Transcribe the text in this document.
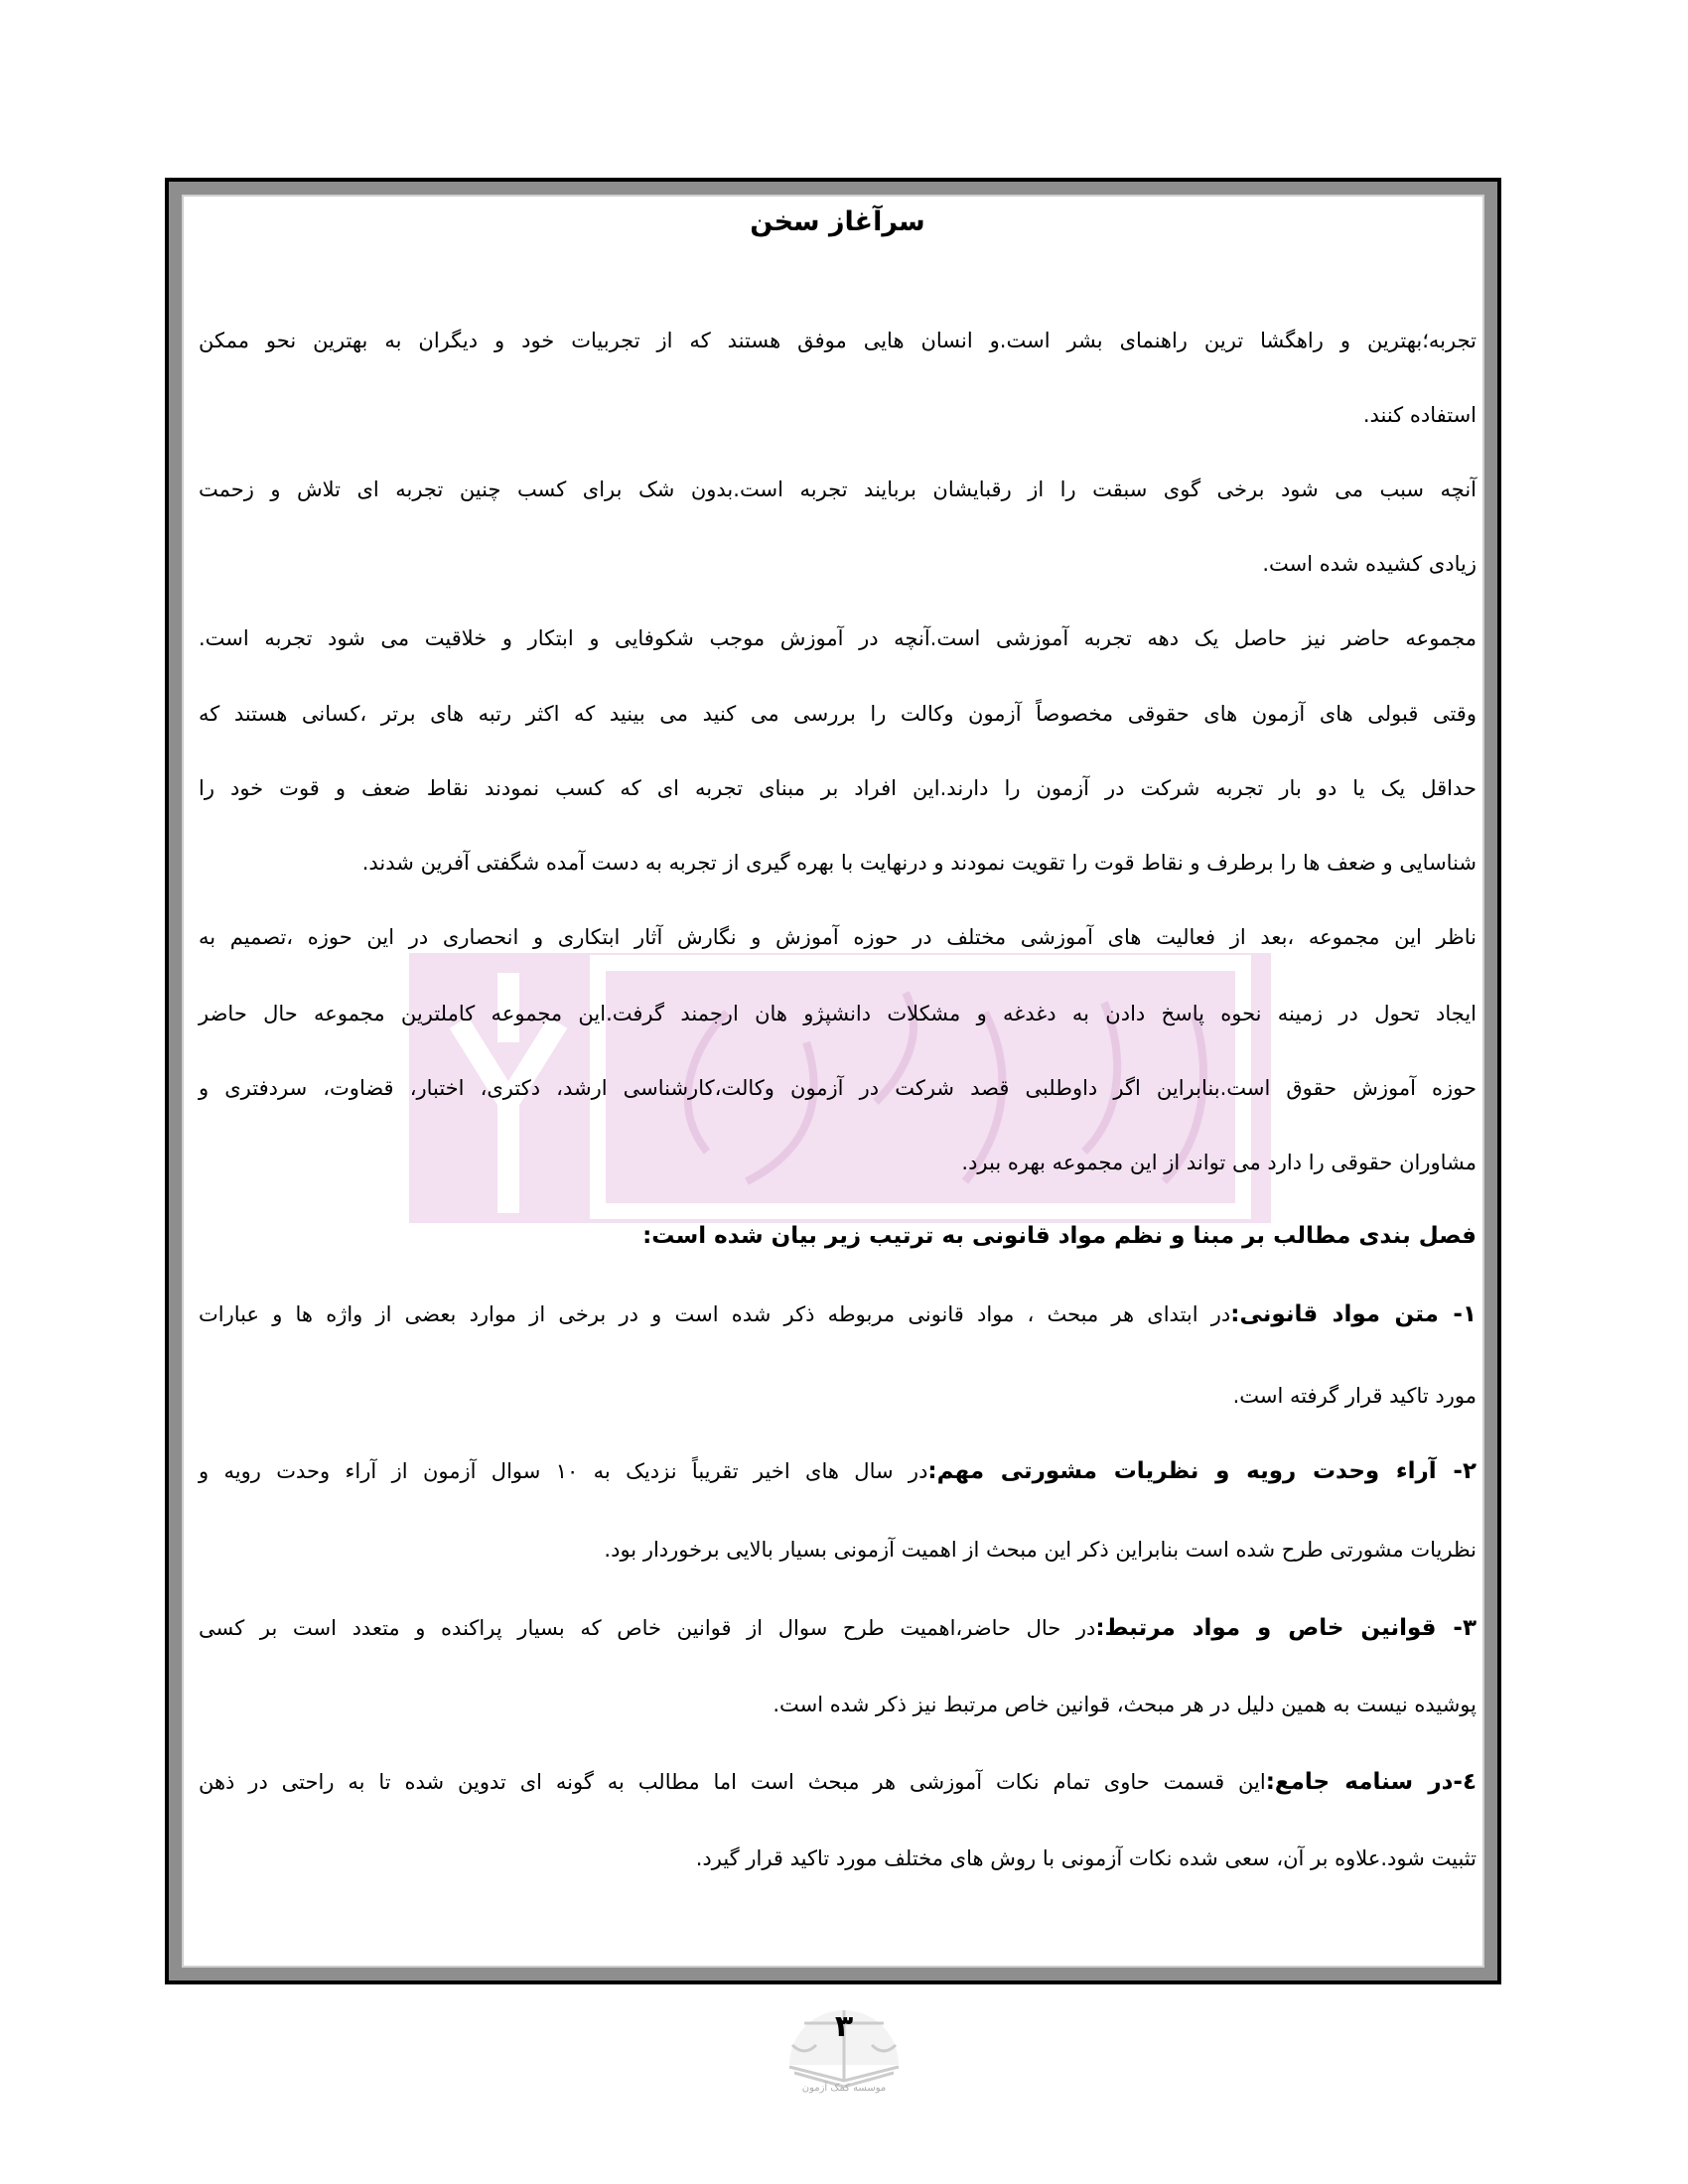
سرآغاز سخن
تجربه؛بهترین و راهگشا ترین راهنمای بشر است.و انسان هایی موفق هستند که از تجربیات خود و دیگران به بهترین نحو ممکن
استفاده کنند.
آنچه سبب می شود برخی گوی سبقت را از رقبایشان بربایند تجربه است.بدون شک برای کسب چنین تجربه ای تلاش و زحمت
زیادی کشیده شده است.
مجموعه حاضر نیز حاصل یک دهه تجربه آموزشی است.آنچه در آموزش موجب شکوفایی و ابتکار و خلاقیت می شود تجربه است.
وقتی قبولی های آزمون های حقوقی مخصوصاً آزمون وکالت را بررسی می کنید می بینید که اکثر رتبه های برتر ،کسانی هستند که
حداقل یک یا دو بار تجربه شرکت در آزمون را دارند.این افراد بر مبنای تجربه ای که کسب نمودند نقاط ضعف و قوت خود را
شناسایی و ضعف ها را برطرف و نقاط قوت را تقویت نمودند و درنهایت با بهره گیری از تجربه به دست آمده شگفتی آفرین شدند.
ناظر این مجموعه ،بعد از فعالیت های آموزشی مختلف در حوزه آموزش و نگارش آثار ابتکاری و انحصاری در این حوزه ،تصمیم به
ایجاد تحول در زمینه نحوه پاسخ دادن به دغدغه و مشکلات دانشپژو هان ارجمند گرفت.این مجموعه کاملترین مجموعه حال حاضر
حوزه آموزش حقوق است.بنابراین اگر داوطلبی قصد شرکت در آزمون وکالت،کارشناسی ارشد، دکتری، اختبار، قضاوت، سردفتری و
مشاوران حقوقی را دارد می تواند از این مجموعه بهره ببرد.
فصل بندی مطالب بر مبنا و نظم مواد قانونی به ترتیب زیر بیان شده است:
۱- متن مواد قانونی:در ابتدای هر مبحث ، مواد قانونی مربوطه ذکر شده است و در برخی از موارد بعضی از واژه ها و عبارات
مورد تاکید قرار گرفته است.
۲- آراء وحدت رویه و نظریات مشورتی مهم:در سال های اخیر تقریباً نزدیک به ۱۰ سوال آزمون از آراء وحدت رویه و
نظریات مشورتی طرح شده است بنابراین ذکر این مبحث از اهمیت آزمونی بسیار بالایی برخوردار بود.
۳- قوانین خاص و مواد مرتبط:در حال حاضر،اهمیت طرح سوال از قوانین خاص که بسیار پراکنده و متعدد است بر کسی
پوشیده نیست به همین دلیل در هر مبحث، قوانین خاص مرتبط نیز ذکر شده است.
٤-در سنامه جامع:این قسمت حاوی تمام نکات آموزشی هر مبحث است اما مطالب به گونه ای تدوین شده تا به راحتی در ذهن
تثبیت شود.علاوه بر آن، سعی شده نکات آزمونی با روش های مختلف مورد تاکید قرار گیرد.
۳
موسسه کمک آزمون
